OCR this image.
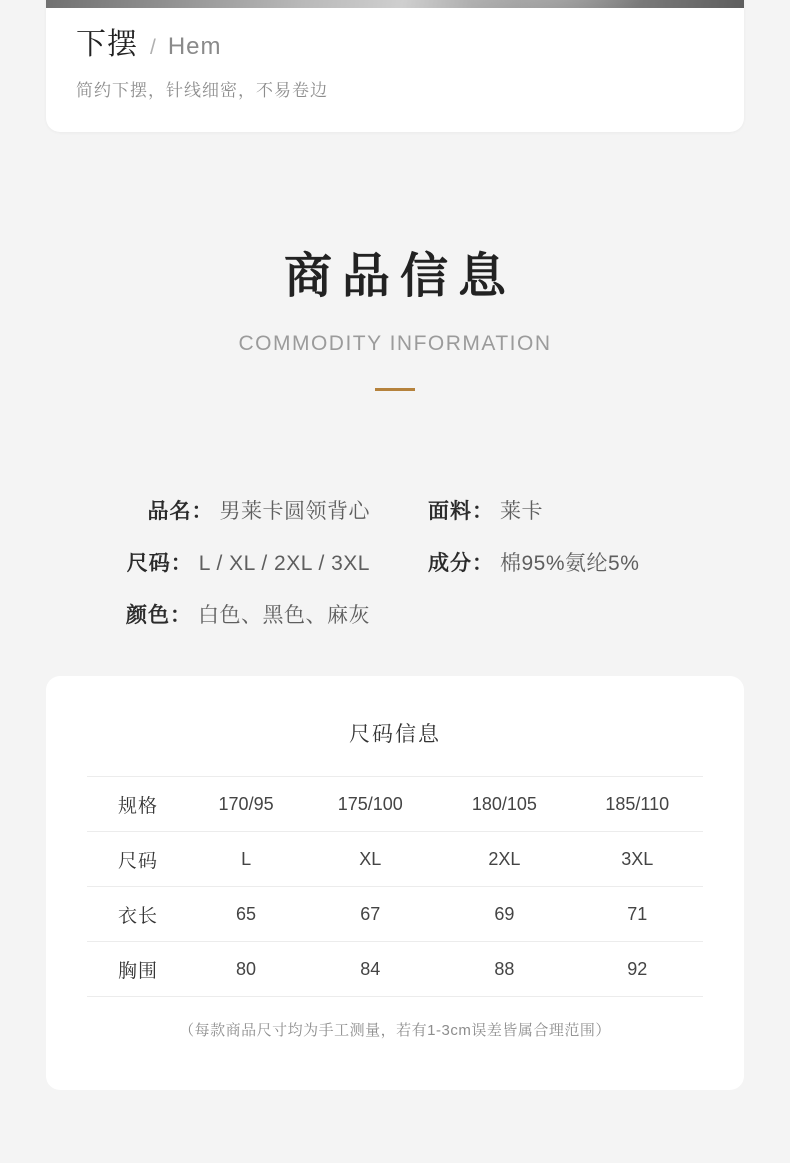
下摆 / Hem
简约下摆，针线细密，不易卷边
商品信息
COMMODITY INFORMATION
品名： 男莱卡圆领背心	面料： 莱卡
尺码： L / XL / 2XL / 3XL	成分： 棉95%氨纶5%
颜色： 白色、黑色、麻灰
尺码信息
规格	170/95	175/100	180/105	185/110
尺码	L	XL	2XL	3XL
衣长	65	67	69	71
胸围	80	84	88	92
（每款商品尺寸均为手工测量，若有1-3cm误差皆属合理范围）
